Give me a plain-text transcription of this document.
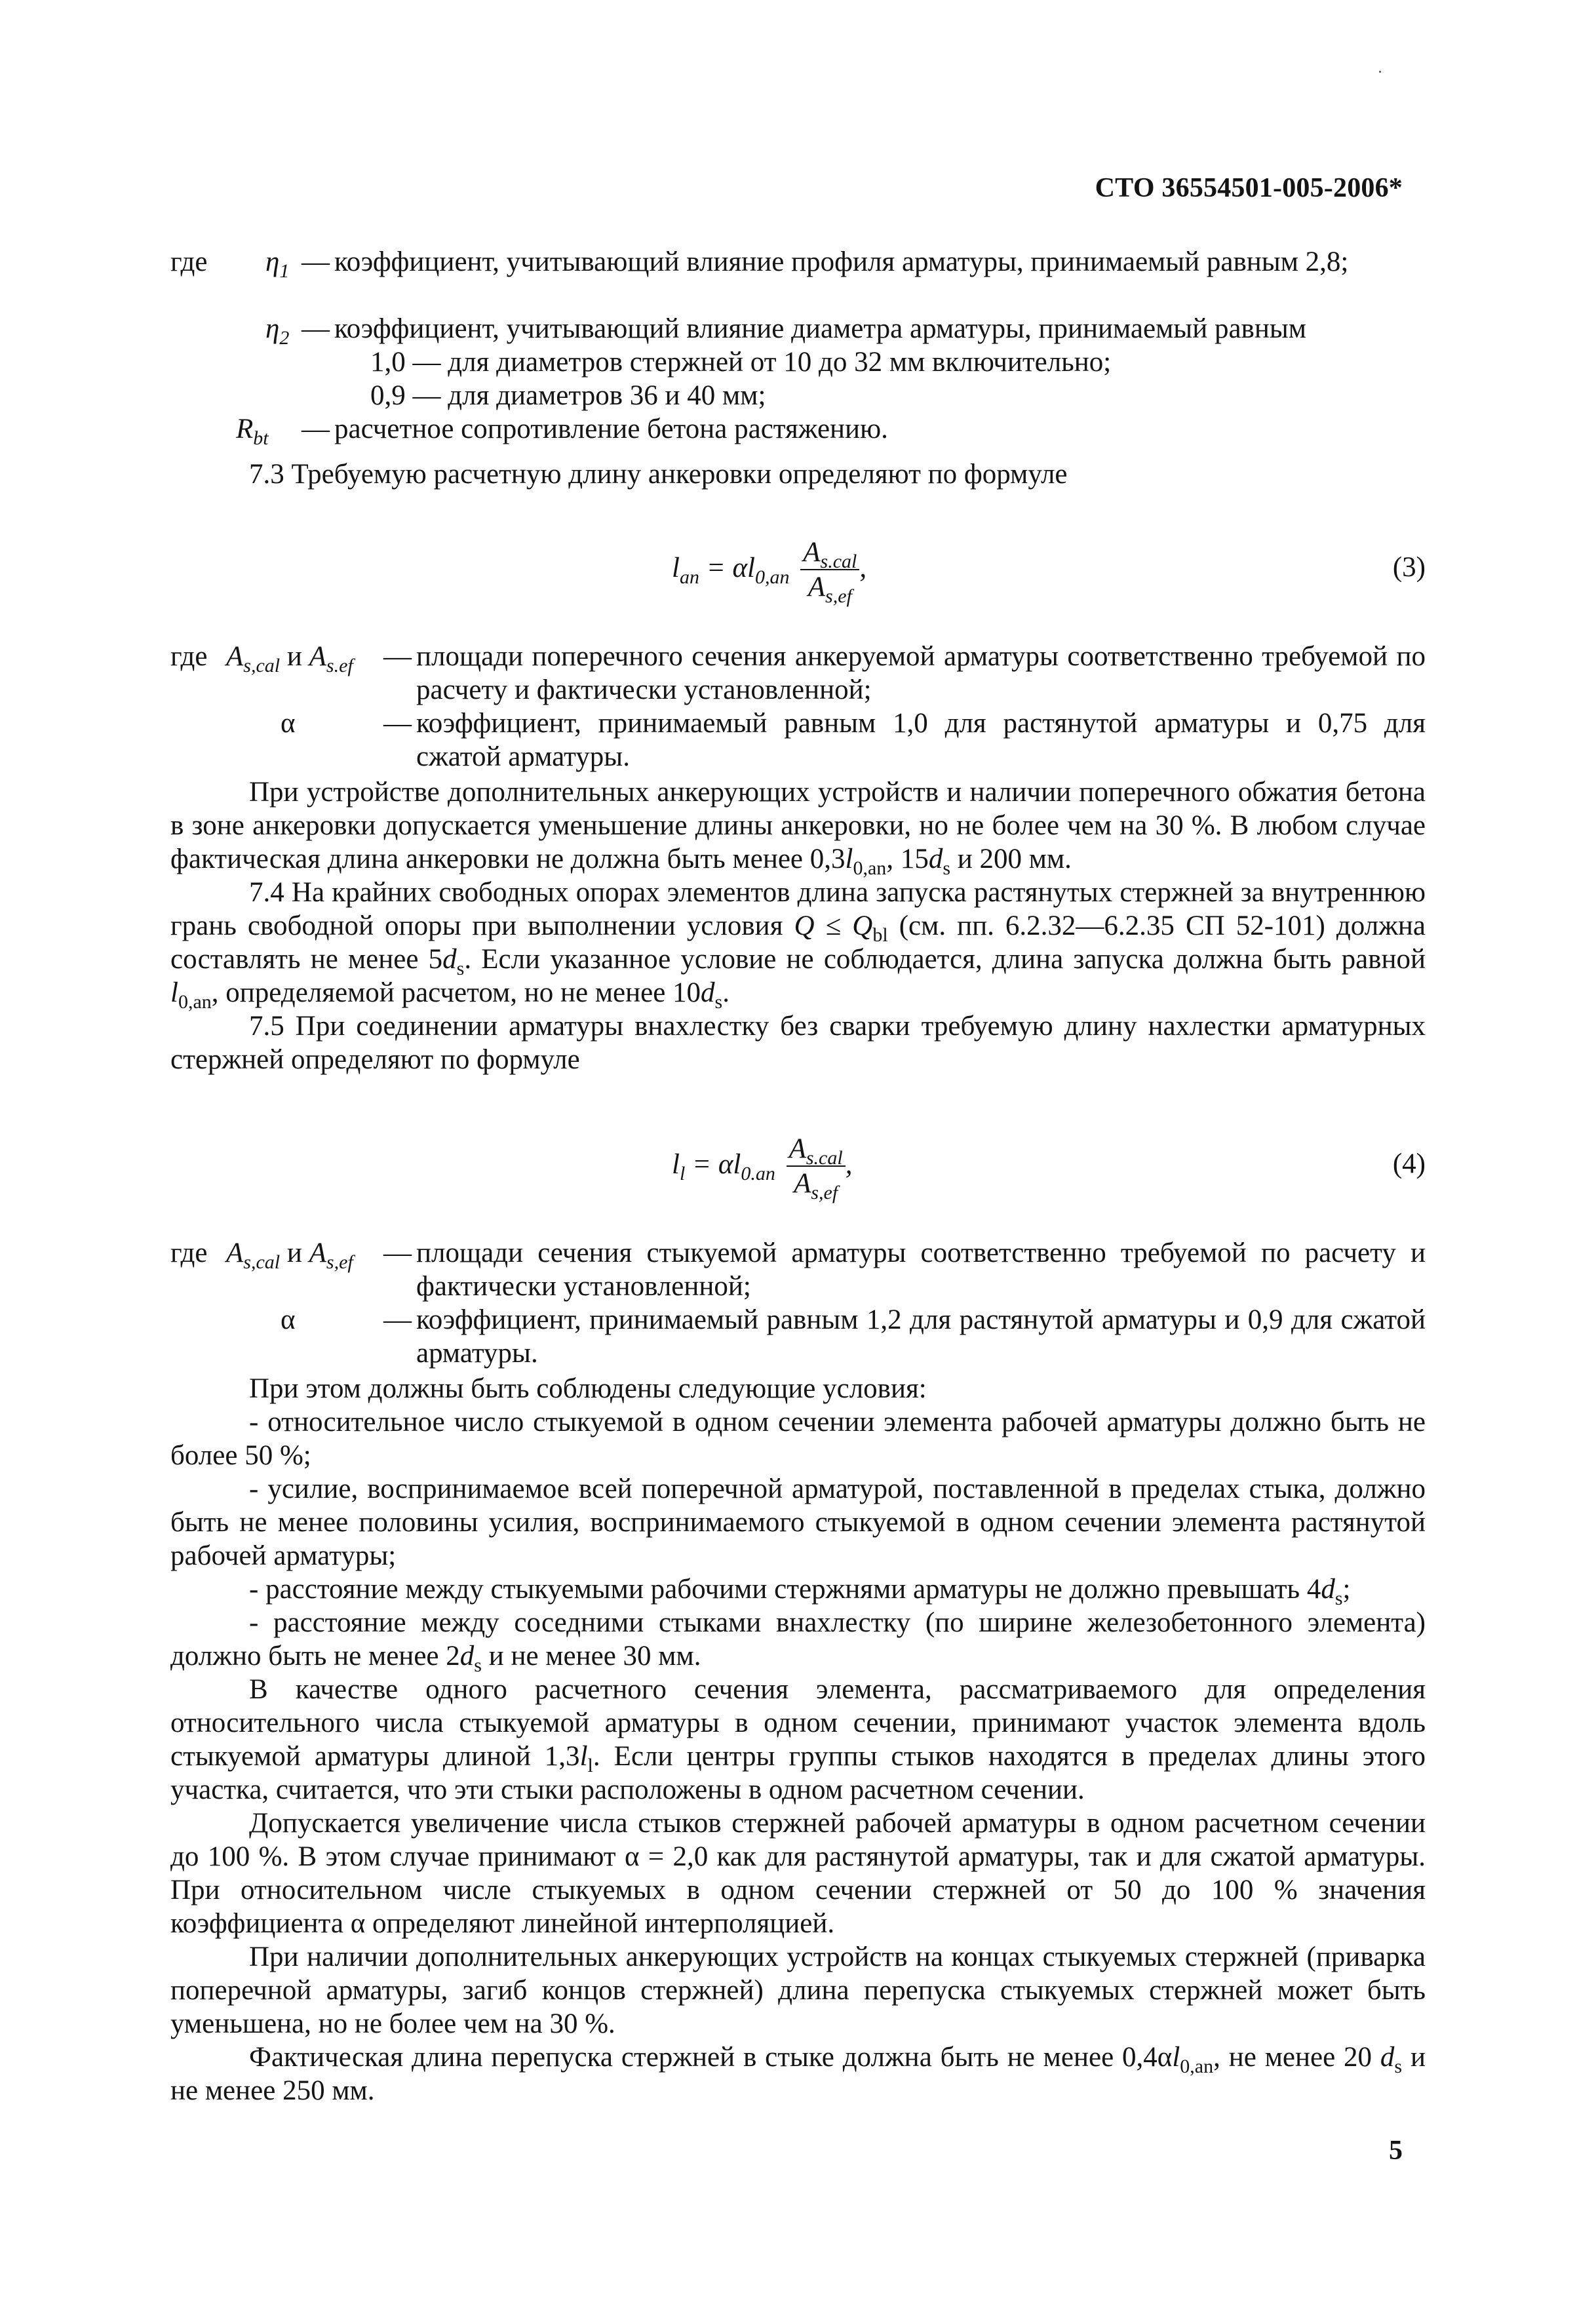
СТО 36554501-005-2006*
где $\eta_1$ — коэффициент, учитывающий влияние профиля арматуры, принимаемый равным 2,8;
$\eta_2$ — коэффициент, учитывающий влияние диаметра арматуры, принимаемый равным
1,0 — для диаметров стержней от 10 до 32 мм включительно;
0,9 — для диаметров 36 и 40 мм;
$R_{bt}$ — расчетное сопротивление бетона растяжению.

7.3 Требуемую расчетную длину анкеровки определяют по формуле

$l_{an} = \alpha l_{0,an} \frac{A_{s.cal}}{A_{s,ef}}$ ,	(3)
где $A_{s,cal}$ и $A_{s.ef}$ — площади поперечного сечения анкеруемой арматуры соответственно требуемой по расчету и фактически установленной;

α	— коэффициент, принимаемый равным 1,0 для растянутой арматуры и 0,75 для сжатой арматуры.

При устройстве дополнительных анкерующих устройств и наличии поперечного обжатия бетона в зоне анкеровки допускается уменьшение длины анкеровки, но не более чем на 30 %. В любом случае фактическая длина анкеровки не должна быть менее $0,3l_{0,an}$, $15d_s$ и 200 мм.

7.4 На крайних свободных опорах элементов длина запуска растянутых стержней за внутреннюю грань свободной опоры при выполнении условия $Q \le Q_{bl}$ (см. пп. 6.2.32—6.2.35 СП 52-101) должна составлять не менее $5d_s$. Если указанное условие не соблюдается, длина запуска должна быть равной $l_{0,an}$, определяемой расчетом, но не менее $10d_s$.

7.5 При соединении арматуры внахлестку без сварки требуемую длину нахлестки арматурных стержней определяют по формуле

$l_l = \alpha l_{0.an} \frac{A_{s.cal}}{A_{s,ef}}$ ,	(4)
где $A_{s,cal}$ и $A_{s,ef}$ — площади сечения стыкуемой арматуры соответственно требуемой по расчету и фактически установленной;

α	— коэффициент, принимаемый равным 1,2 для растянутой арматуры и 0,9 для сжатой арматуры.

При этом должны быть соблюдены следующие условия:

- относительное число стыкуемой в одном сечении элемента рабочей арматуры должно быть не более 50 %;

- усилие, воспринимаемое всей поперечной арматурой, поставленной в пределах стыка, должно быть не менее половины усилия, воспринимаемого стыкуемой в одном сечении элемента растянутой рабочей арматуры;

- расстояние между стыкуемыми рабочими стержнями арматуры не должно превышать $4d_s$;

- расстояние между соседними стыками внахлестку (по ширине железобетонного элемента) должно быть не менее $2d_s$ и не менее 30 мм.

В качестве одного расчетного сечения элемента, рассматриваемого для определения относительного числа стыкуемой арматуры в одном сечении, принимают участок элемента вдоль стыкуемой арматуры длиной $1,3l_l$. Если центры группы стыков находятся в пределах длины этого участка, считается, что эти стыки расположены в одном расчетном сечении.

Допускается увеличение числа стыков стержней рабочей арматуры в одном расчетном сечении до 100 %. В этом случае принимают α = 2,0 как для растянутой арматуры, так и для сжатой арматуры. При относительном числе стыкуемых в одном сечении стержней от 50 до 100 % значения коэффициента α определяют линейной интерполяцией.

При наличии дополнительных анкерующих устройств на концах стыкуемых стержней (приварка поперечной арматуры, загиб концов стержней) длина перепуска стыкуемых стержней может быть уменьшена, но не более чем на 30 %.

Фактическая длина перепуска стержней в стыке должна быть не менее $0,4\alpha l_{0,an}$, не менее 20 $d_s$ и не менее 250 мм.

5
